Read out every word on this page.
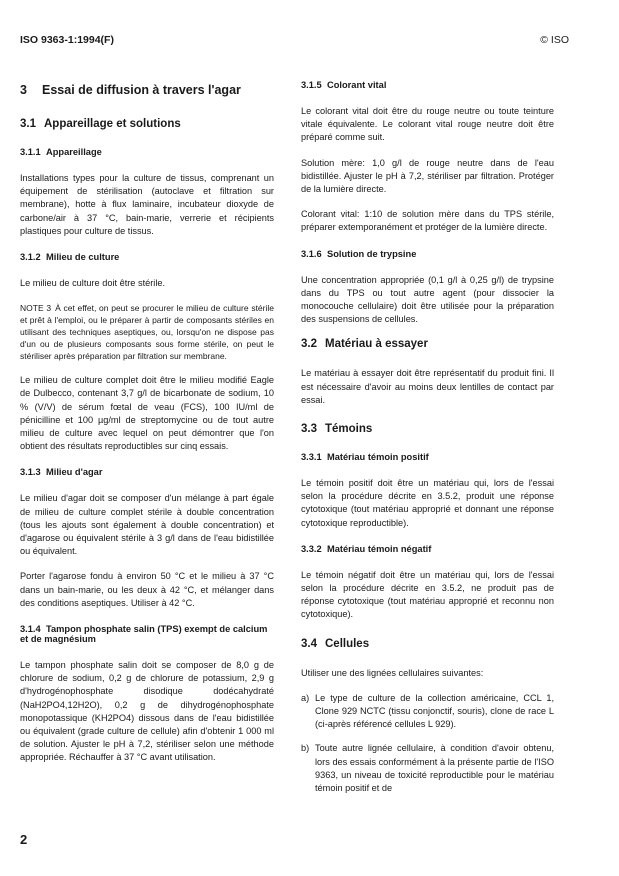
ISO 9363-1:1994(F)	© ISO
3 Essai de diffusion à travers l'agar
3.1 Appareillage et solutions
3.1.1 Appareillage

Installations types pour la culture de tissus, comprenant un équipement de stérilisation (autoclave et filtration sur membrane), hotte à flux laminaire, incubateur dioxyde de carbone/air à 37 °C, bain-marie, verrerie et récipients plastiques pour culture de tissus.

3.1.2 Milieu de culture

Le milieu de culture doit être stérile.

NOTE 3 À cet effet, on peut se procurer le milieu de culture stérile et prêt à l'emploi, ou le préparer à partir de composants stériles en utilisant des techniques aseptiques, ou, lorsqu'on ne dispose pas d'un ou de plusieurs composants sous forme stérile, on peut le stériliser après préparation par filtration sur membrane.

Le milieu de culture complet doit être le milieu modifié Eagle de Dulbecco, contenant 3,7 g/l de bicarbonate de sodium, 10 % (V/V) de sérum fœtal de veau (FCS), 100 IU/ml de pénicilline et 100 µg/ml de streptomycine ou de tout autre milieu de culture avec lequel on peut démontrer que l'on obtient des résultats reproductibles sur cinq essais.

3.1.3 Milieu d'agar

Le milieu d'agar doit se composer d'un mélange à part égale de milieu de culture complet stérile à double concentration (tous les ajouts sont également à double concentration) et d'agarose ou équivalent stérile à 3 g/l dans de l'eau bidistillée ou équivalent.

Porter l'agarose fondu à environ 50 °C et le milieu à 37 °C dans un bain-marie, ou les deux à 42 °C, et mélanger dans des conditions aseptiques. Utiliser à 42 °C.

3.1.4 Tampon phosphate salin (TPS) exempt de calcium et de magnésium

Le tampon phosphate salin doit se composer de 8,0 g de chlorure de sodium, 0,2 g de chlorure de potassium, 2,9 g d'hydrogénophosphate disodique dodécahydraté (NaH2PO4,12H2O), 0,2 g de dihydrogénophosphate monopotassique (KH2PO4) dissous dans de l'eau bidistillée ou équivalent (grade culture de cellule) afin d'obtenir 1 000 ml de solution. Ajuster le pH à 7,2, stériliser selon une méthode appropriée. Réchauffer à 37 °C avant utilisation.

3.1.5 Colorant vital

Le colorant vital doit être du rouge neutre ou toute teinture vitale équivalente. Le colorant vital rouge neutre doit être préparé comme suit.

Solution mère: 1,0 g/l de rouge neutre dans de l'eau bidistillée. Ajuster le pH à 7,2, stériliser par filtration. Protéger de la lumière directe.

Colorant vital: 1:10 de solution mère dans du TPS stérile, préparer extemporanément et protéger de la lumière directe.

3.1.6 Solution de trypsine

Une concentration appropriée (0,1 g/l à 0,25 g/l) de trypsine dans du TPS ou tout autre agent (pour dissocier la monocouche cellulaire) doit être utilisée pour la préparation des suspensions de cellules.

3.2 Matériau à essayer

Le matériau à essayer doit être représentatif du produit fini. Il est nécessaire d'avoir au moins deux lentilles de contact par essai.

3.3 Témoins
3.3.1 Matériau témoin positif

Le témoin positif doit être un matériau qui, lors de l'essai selon la procédure décrite en 3.5.2, produit une réponse cytotoxique (tout matériau approprié et donnant une réponse cytotoxique reproductible).

3.3.2 Matériau témoin négatif

Le témoin négatif doit être un matériau qui, lors de l'essai selon la procédure décrite en 3.5.2, ne produit pas de réponse cytotoxique (tout matériau approprié et reconnu non cytotoxique).

3.4 Cellules

Utiliser une des lignées cellulaires suivantes:

a) Le type de culture de la collection américaine, CCL 1, Clone 929 NCTC (tissu conjonctif, souris), clone de race L (ci-après référencé cellules L 929).
b) Toute autre lignée cellulaire, à condition d'avoir obtenu, lors des essais conformément à la présente partie de l'ISO 9363, un niveau de toxicité reproductible pour le matériau témoin positif et de
2
